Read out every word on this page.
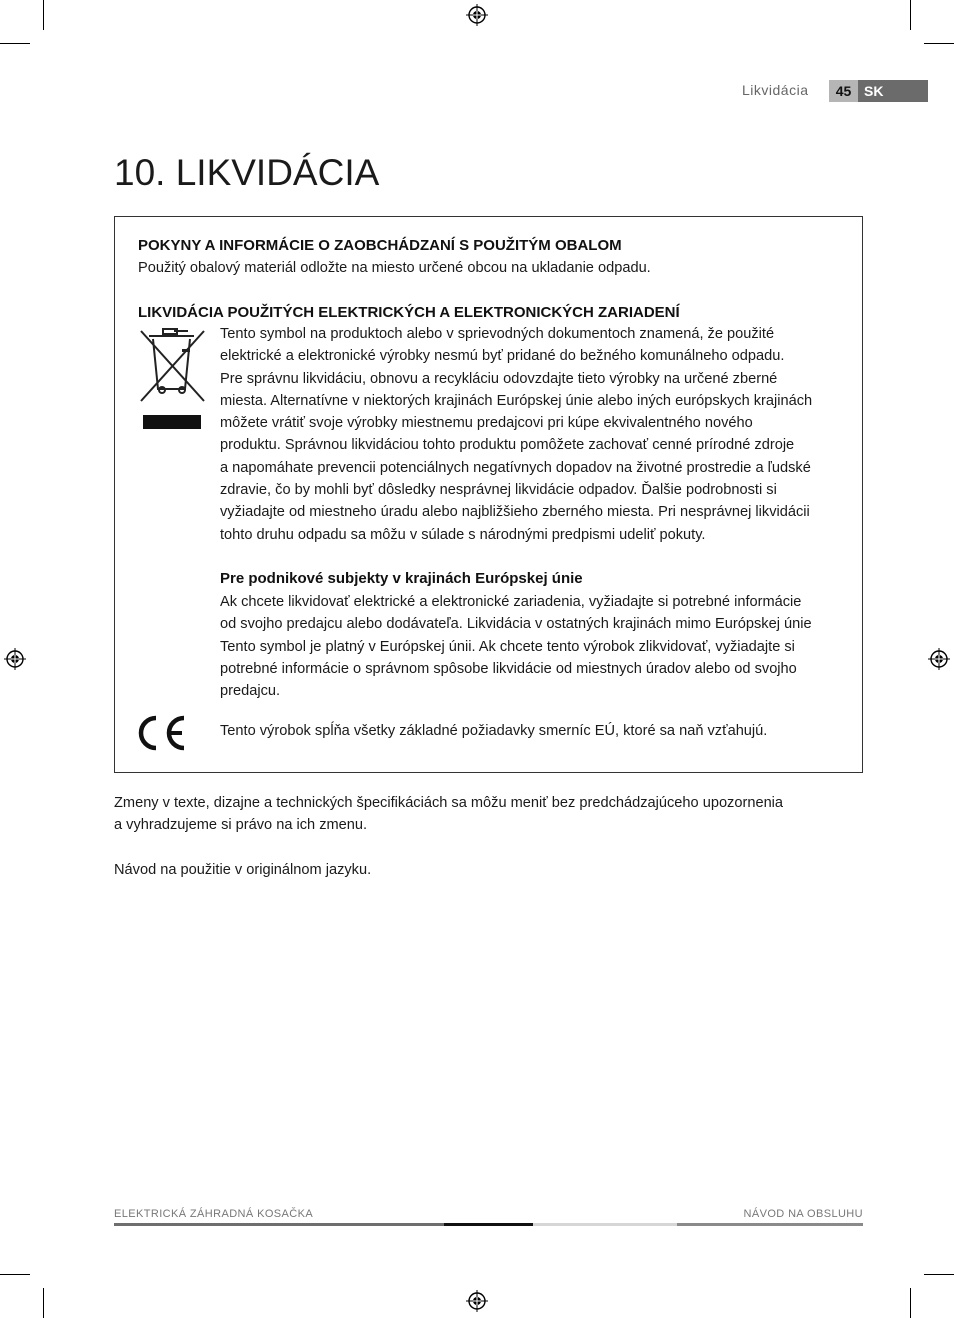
Likvidácia	45 SK
10. LIKVIDÁCIA
POKYNY A INFORMÁCIE O ZAOBCHÁDZANÍ S POUŽITÝM OBALOM

Použitý obalový materiál odložte na miesto určené obcou na ukladanie odpadu.

LIKVIDÁCIA POUŽITÝCH ELEKTRICKÝCH A ELEKTRONICKÝCH ZARIADENÍ

Tento symbol na produktoch alebo v sprievodných dokumentoch znamená, že použité
elektrické a elektronické výrobky nesmú byť pridané do bežného komunálneho odpadu.
Pre správnu likvidáciu, obnovu a recykláciu odovzdajte tieto výrobky na určené zberné
miesta. Alternatívne v niektorých krajinách Európskej únie alebo iných európskych krajinách
môžete vrátiť svoje výrobky miestnemu predajcovi pri kúpe ekvivalentného nového
produktu. Správnou likvidáciou tohto produktu pomôžete zachovať cenné prírodné zdroje
a napomáhate prevencii potenciálnych negatívnych dopadov na životné prostredie a ľudské
zdravie, čo by mohli byť dôsledky nesprávnej likvidácie odpadov. Ďalšie podrobnosti si
vyžiadajte od miestneho úradu alebo najbližšieho zberného miesta. Pri nesprávnej likvidácii
tohto druhu odpadu sa môžu v súlade s národnými predpismi udeliť pokuty.

Pre podnikové subjekty v krajinách Európskej únie

Ak chcete likvidovať elektrické a elektronické zariadenia, vyžiadajte si potrebné informácie
od svojho predajcu alebo dodávateľa. Likvidácia v ostatných krajinách mimo Európskej únie
Tento symbol je platný v Európskej únii. Ak chcete tento výrobok zlikvidovať, vyžiadajte si
potrebné informácie o správnom spôsobe likvidácie od miestnych úradov alebo od svojho
predajcu.

Tento výrobok spĺňa všetky základné požiadavky smerníc EÚ, ktoré sa naň vzťahujú.

Zmeny v texte, dizajne a technických špecifikáciách sa môžu meniť bez predchádzajúceho upozornenia
a vyhradzujeme si právo na ich zmenu.

Návod na použitie v originálnom jazyku.

ELEKTRICKÁ ZÁHRADNÁ KOSAČKA	NÁVOD NA OBSLUHU
